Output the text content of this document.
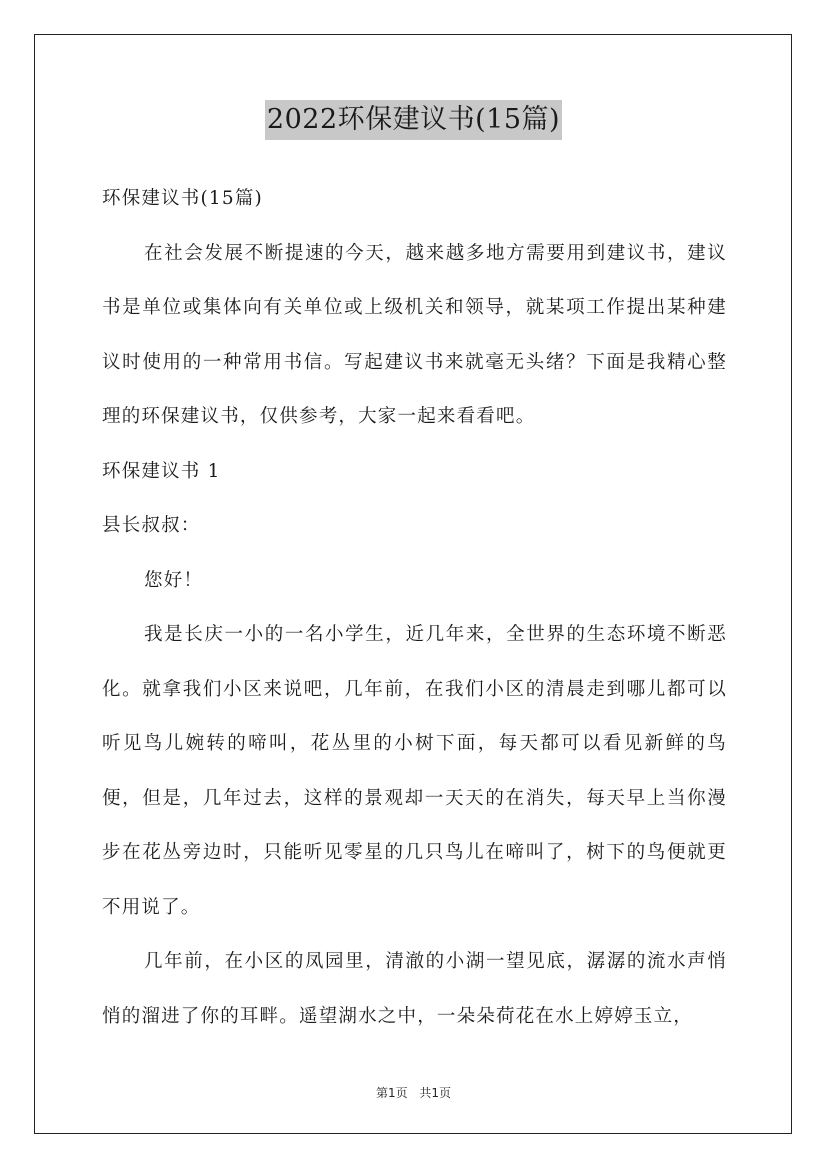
2022环保建议书(15篇)

环保建议书(15篇)

在社会发展不断提速的今天，越来越多地方需要用到建议书，建议书是单位或集体向有关单位或上级机关和领导，就某项工作提出某种建议时使用的一种常用书信。写起建议书来就毫无头绪？下面是我精心整理的环保建议书，仅供参考，大家一起来看看吧。

环保建议书 1

县长叔叔：

您好！

我是长庆一小的一名小学生，近几年来，全世界的生态环境不断恶化。就拿我们小区来说吧，几年前，在我们小区的清晨走到哪儿都可以听见鸟儿婉转的啼叫，花丛里的小树下面，每天都可以看见新鲜的鸟便，但是，几年过去，这样的景观却一天天的在消失，每天早上当你漫步在花丛旁边时，只能听见零星的几只鸟儿在啼叫了，树下的鸟便就更不用说了。

几年前，在小区的凤园里，清澈的小湖一望见底，潺潺的流水声悄悄的溜进了你的耳畔。遥望湖水之中，一朵朵荷花在水上婷婷玉立，

第1页 共1页
